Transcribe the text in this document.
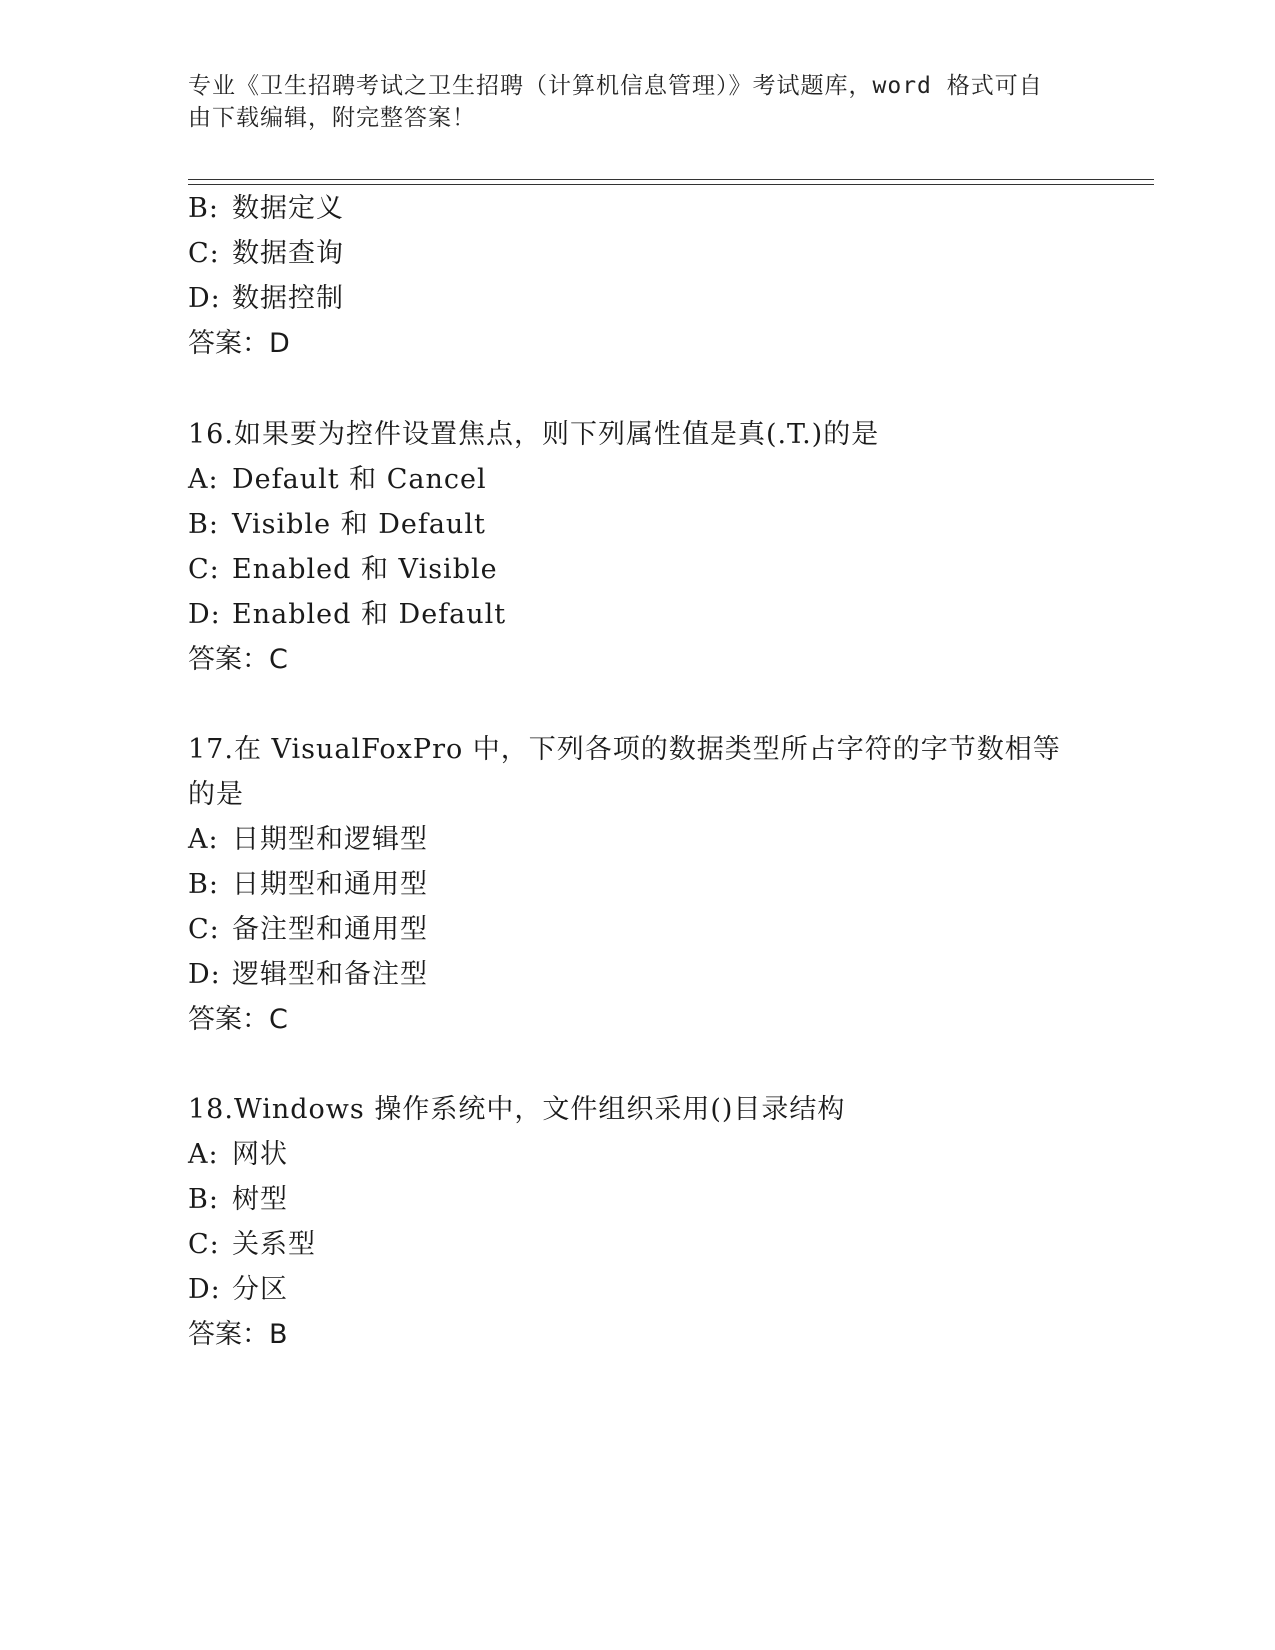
专业《卫生招聘考试之卫生招聘（计算机信息管理）》考试题库，word 格式可自
由下载编辑，附完整答案！
B: 数据定义
C: 数据查询
D: 数据控制
答案：D
16.如果要为控件设置焦点，则下列属性值是真(.T.)的是
A: Default 和 Cancel
B: Visible 和 Default
C: Enabled 和 Visible
D: Enabled 和 Default
答案：C
17.在 VisualFoxPro 中，下列各项的数据类型所占字符的字节数相等
的是
A: 日期型和逻辑型
B: 日期型和通用型
C: 备注型和通用型
D: 逻辑型和备注型
答案：C
18.Windows 操作系统中，文件组织采用()目录结构
A: 网状
B: 树型
C: 关系型
D: 分区
答案：B
